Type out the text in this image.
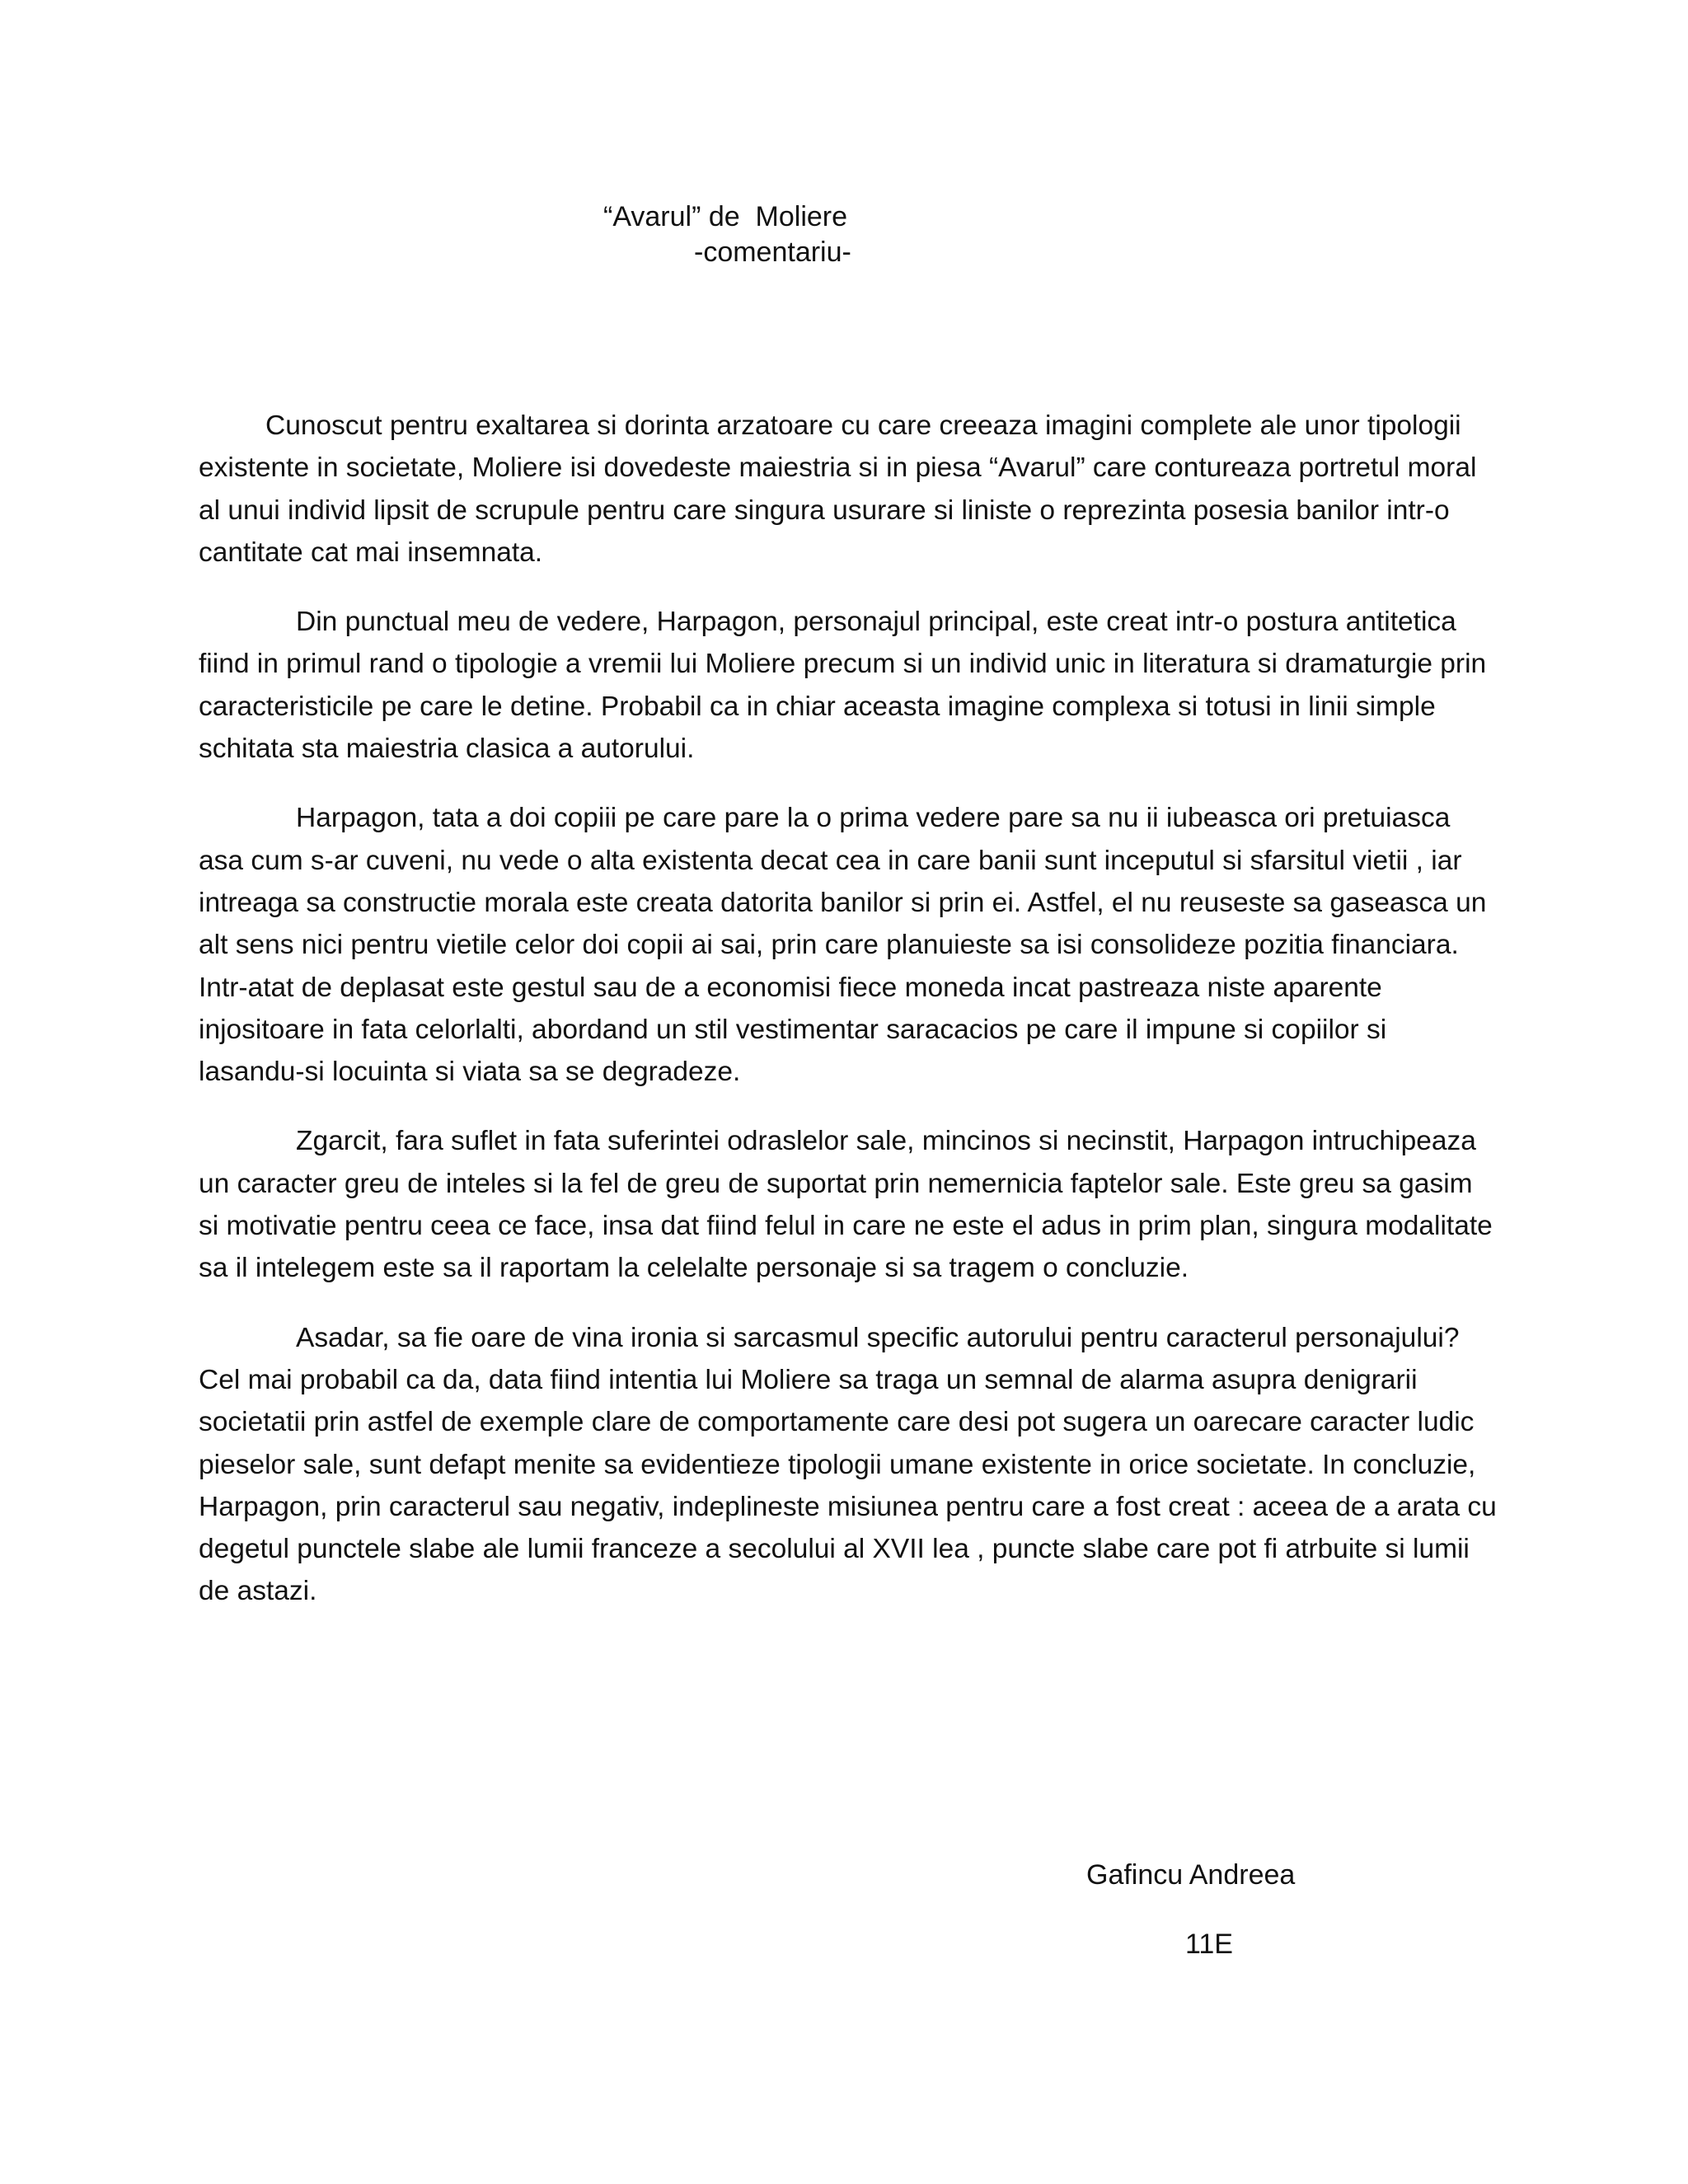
“Avarul” de  Moliere
-comentariu-

Cunoscut pentru exaltarea si dorinta arzatoare cu care creeaza imagini complete ale unor tipologii existente in societate, Moliere isi dovedeste maiestria si in piesa “Avarul” care contureaza portretul moral al unui individ lipsit de scrupule pentru care singura usurare si liniste o reprezinta posesia banilor intr-o cantitate cat mai insemnata.

Din punctual meu de vedere, Harpagon, personajul principal, este creat intr-o postura antitetica fiind in primul rand o tipologie a vremii lui Moliere precum si un individ unic in literatura si dramaturgie prin caracteristicile pe care le detine. Probabil ca in chiar aceasta imagine complexa si totusi in linii simple schitata sta maiestria clasica a autorului.

Harpagon, tata a doi copiii pe care pare la o prima vedere pare sa nu ii iubeasca ori pretuiasca asa cum s-ar cuveni, nu vede o alta existenta decat cea in care banii sunt inceputul si sfarsitul vietii , iar intreaga sa constructie morala este creata datorita banilor si prin ei. Astfel, el nu reuseste sa gaseasca un alt sens nici pentru vietile celor doi copii ai sai, prin care planuieste sa isi consolideze pozitia financiara. Intr-atat de deplasat este gestul sau de a economisi fiece moneda incat pastreaza niste aparente injositoare in fata celorlalti, abordand un stil vestimentar saracacios pe care il impune si copiilor si lasandu-si locuinta si viata sa se degradeze.

Zgarcit, fara suflet in fata suferintei odraslelor sale, mincinos si necinstit, Harpagon intruchipeaza un caracter greu de inteles si la fel de greu de suportat prin nemernicia faptelor sale. Este greu sa gasim si motivatie pentru ceea ce face, insa dat fiind felul in care ne este el adus in prim plan, singura modalitate sa il intelegem este sa il raportam la celelalte personaje si sa tragem o concluzie.

Asadar, sa fie oare de vina ironia si sarcasmul specific autorului pentru caracterul personajului? Cel mai probabil ca da, data fiind intentia lui Moliere sa traga un semnal de alarma asupra denigrarii societatii prin astfel de exemple clare de comportamente care desi pot sugera un oarecare caracter ludic pieselor sale, sunt defapt menite sa evidentieze tipologii umane existente in orice societate. In concluzie, Harpagon, prin caracterul sau negativ, indeplineste misiunea pentru care a fost creat : aceea de a arata cu degetul punctele slabe ale lumii franceze a secolului al XVII lea , puncte slabe care pot fi atrbuite si lumii de astazi.

Gafincu Andreea
11E
